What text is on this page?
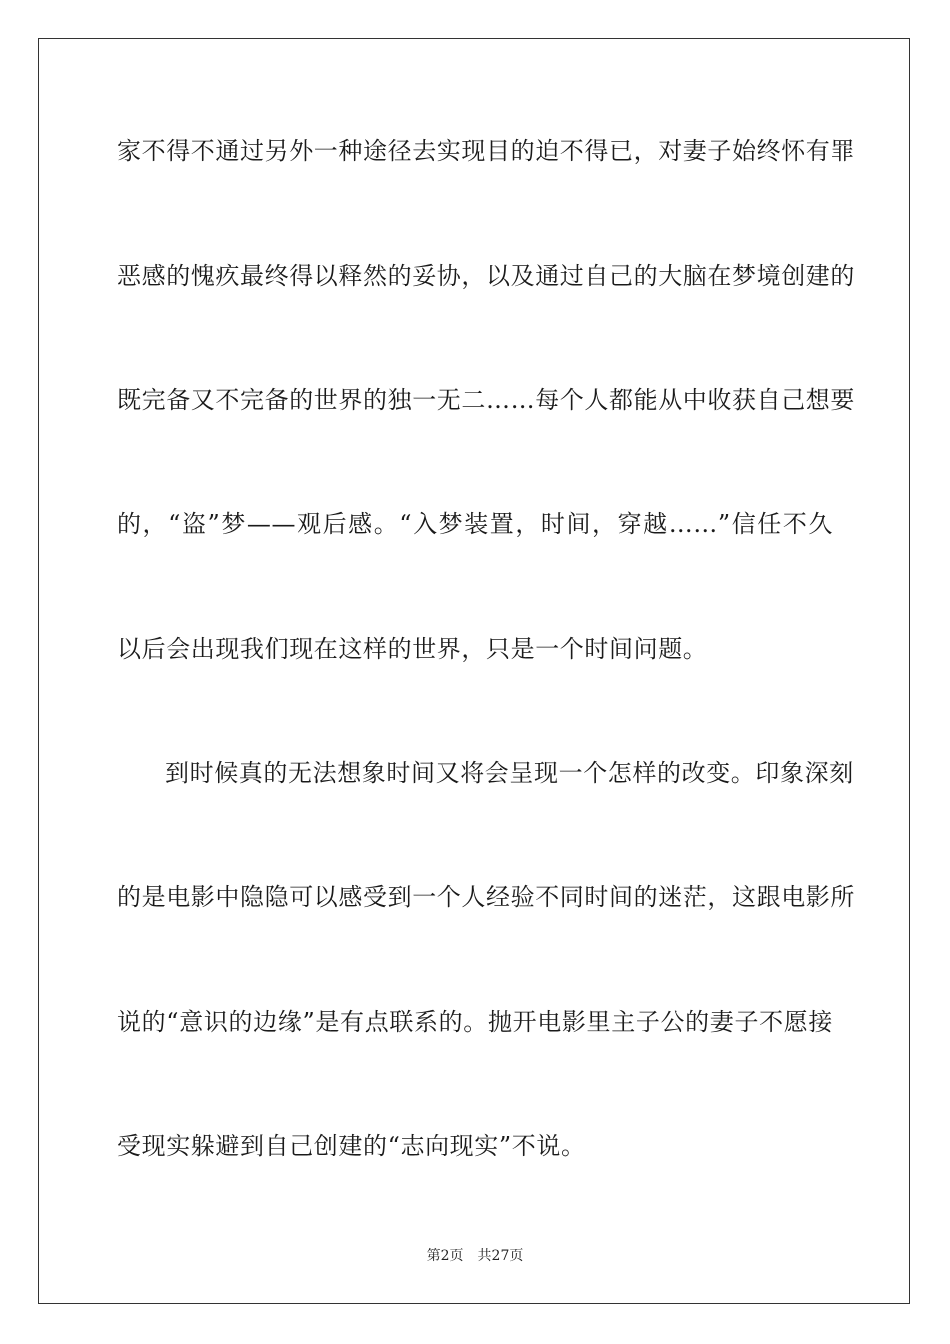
家不得不通过另外一种途径去实现目的迫不得已，对妻子始终怀有罪
恶感的愧疚最终得以释然的妥协，以及通过自己的大脑在梦境创建的
既完备又不完备的世界的独一无二……每个人都能从中收获自己想要
的，“盗”梦——观后感。“入梦装置，时间，穿越……”信任不久
以后会出现我们现在这样的世界，只是一个时间问题。
到时候真的无法想象时间又将会呈现一个怎样的改变。印象深刻
的是电影中隐隐可以感受到一个人经验不同时间的迷茫，这跟电影所
说的“意识的边缘”是有点联系的。抛开电影里主子公的妻子不愿接
受现实躲避到自己创建的“志向现实”不说。
第2页 共27页
